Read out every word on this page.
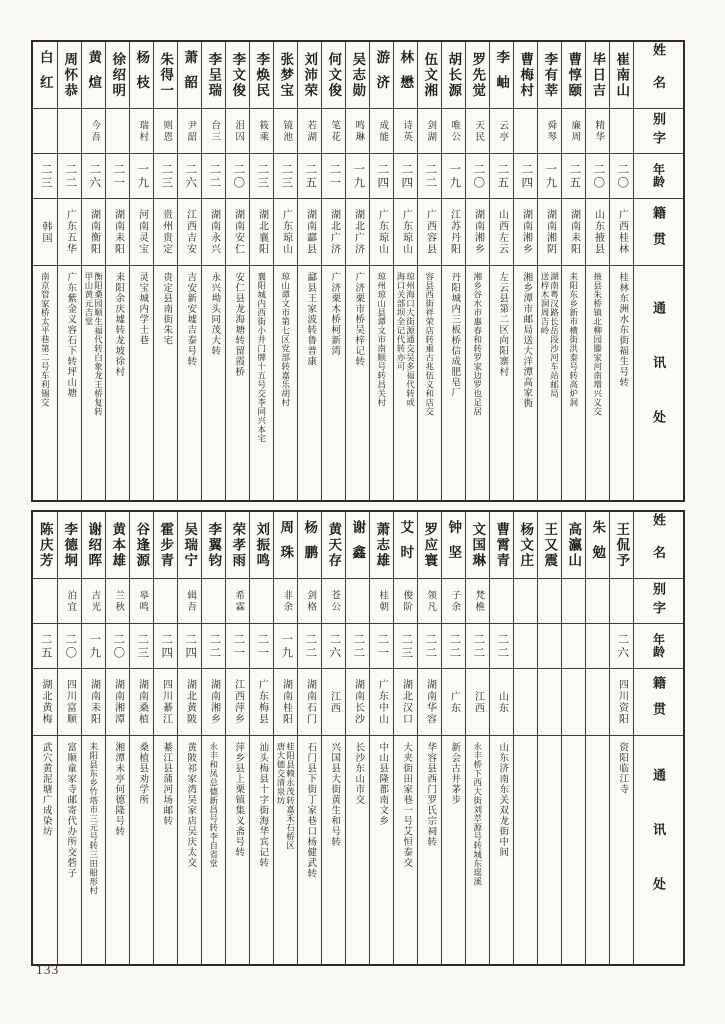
姓名
别字
年龄
籍贯
通讯处
崔南山
二〇
广西桂林
桂林东洲水东街福生号转
毕日吉
精华
二〇
山东掖县
掖县朱桥镇北柳园滕家河南增兴义交
曹惇颐
廉周
二五
湖南耒阳
耒阳东乡新市横街洪泰号转高炉洞
李有莘
舜琴
一九
湖南湘阴
湖南粤汉路长岳段沙河车站邮局
送梓木洞周吉岭
曹梅村
二四
湖南湘乡
湘乡潭市邮局送大洋潭高家衖
李岫
云亭
二五
山西左云
左云县第二区向阳寨村
罗先觉
天民
二〇
湖南湘乡
湘乡谷水市惠春和转罗家边罗也足居
胡长源
唯公
一九
江苏丹阳
丹阳城内三板桥信成肥皂厂
伍文湘
剑湖
二二
广西容县
容县西街祥荣店转重古兆伍义和店交
林懋
诗英
二四
广东琼山
琼州海口大街源通交吴多福代转或
海口关部坝全记代转亦可
游济
成能
二四
广东琼山
琼州琼山县谭文市南顺号转昌关村
吴志勋
鸣琳
一九
湖北广济
广济栗市桥吴梓记转
何文俊
笔花
二一
湖北广济
广济栗木桥柯新湾
刘沛荣
若湖
二五
湖南酃县
酃县王家波转鲁普康
张梦宝
镜池
二三
广东琼山
琼山谭文市第七区党部转嘉乐胡村
李焕民
筱乘
二三
湖北襄阳
襄阳城内西街小井门牌十五号交李同兴本宅
李文俊
泪囚
二〇
湖南安仁
安仁县龙海塘转留霞桥
李呈瑞
台三
二二
湖南永兴
永兴坳头同茂大转
萧韶
尹韶
二六
江西吉安
吉安新安墟吉泰号转
朱得一
则恩
二三
贵州贵定
贵定县南街朱宅
杨枝
瑞村
一九
河南灵宝
灵宝城内学士巷
徐绍明
二一
湖南耒阳
耒阳余庆墟转龙坡徐村
黄煊
今吾
二六
湖南衡阳
衡阳桑园顺生福代转白象龙王桥复转
甲山黄元吉堂
周怀恭
二二
广东五华
广东紫金义容石下转坪山塘
白红
二三
韩国
南京管家桥太平巷第二号车利锡交
姓名
别字
年龄
籍贯
通讯处
王侃予
二六
四川资阳
资阳临江寺
朱勉
高瀛山
王又震
杨文庄
曹霄青
二二
山东
山东济南东关双龙街中间
文国琳
梵樵
二二
江西
永丰桥下西大街刘萃源号转城东瑶溪
钟坚
子余
二二
广东
新会古井茅步
罗应寰
领凡
二二
湖南华容
华容县西门罗氏宗祠转
艾时
俊阶
二三
湖北汉口
大夹街田家巷一号艾恒泰交
萧志雄
桂朝
二一
广东中山
中山县隆都南文乡
谢鑫
二二
湖南长沙
长沙东山市交
黄天存
苍公
二六
江西
兴国县大街黄生和号转
杨鹏
剑格
二二
湖南石门
石门县下街丁家巷口杨健武转
周珠
非余
一九
湖南桂阳
桂阳县赖永茂转嘉禾石桥区
唐大德交清泉坊
刘振鸣
二一
广东梅县
汕头梅县十字街海华宾记转
荣孝雨
希霖
二一
江西萍乡
萍乡县上栗镇集义斋号转
李翼钧
二二
湖南湘乡
永丰和凤总德新昌号转李自省堂
吴瑞宁
辑吾
二四
湖北黄陂
黄陂祁家湾吴家店吴庆太交
霍步青
二四
四川綦江
綦江县蒲河场邮转
谷逢源
皋鸣
二三
湖南桑植
桑植县劝学所
黄本雄
兰秋
二〇
湖南湘潭
湘潭未亭何德隆号转
谢绍晖
吉光
一九
湖南耒阳
耒阳县东乡竹塔市三元号转三田船形村
李德坰
泊宜
二〇
四川富顺
富顺童家寺邮寄代办所交砦子
陈庆芳
二五
湖北黄梅
武穴黄泥塘广成染坊
133
